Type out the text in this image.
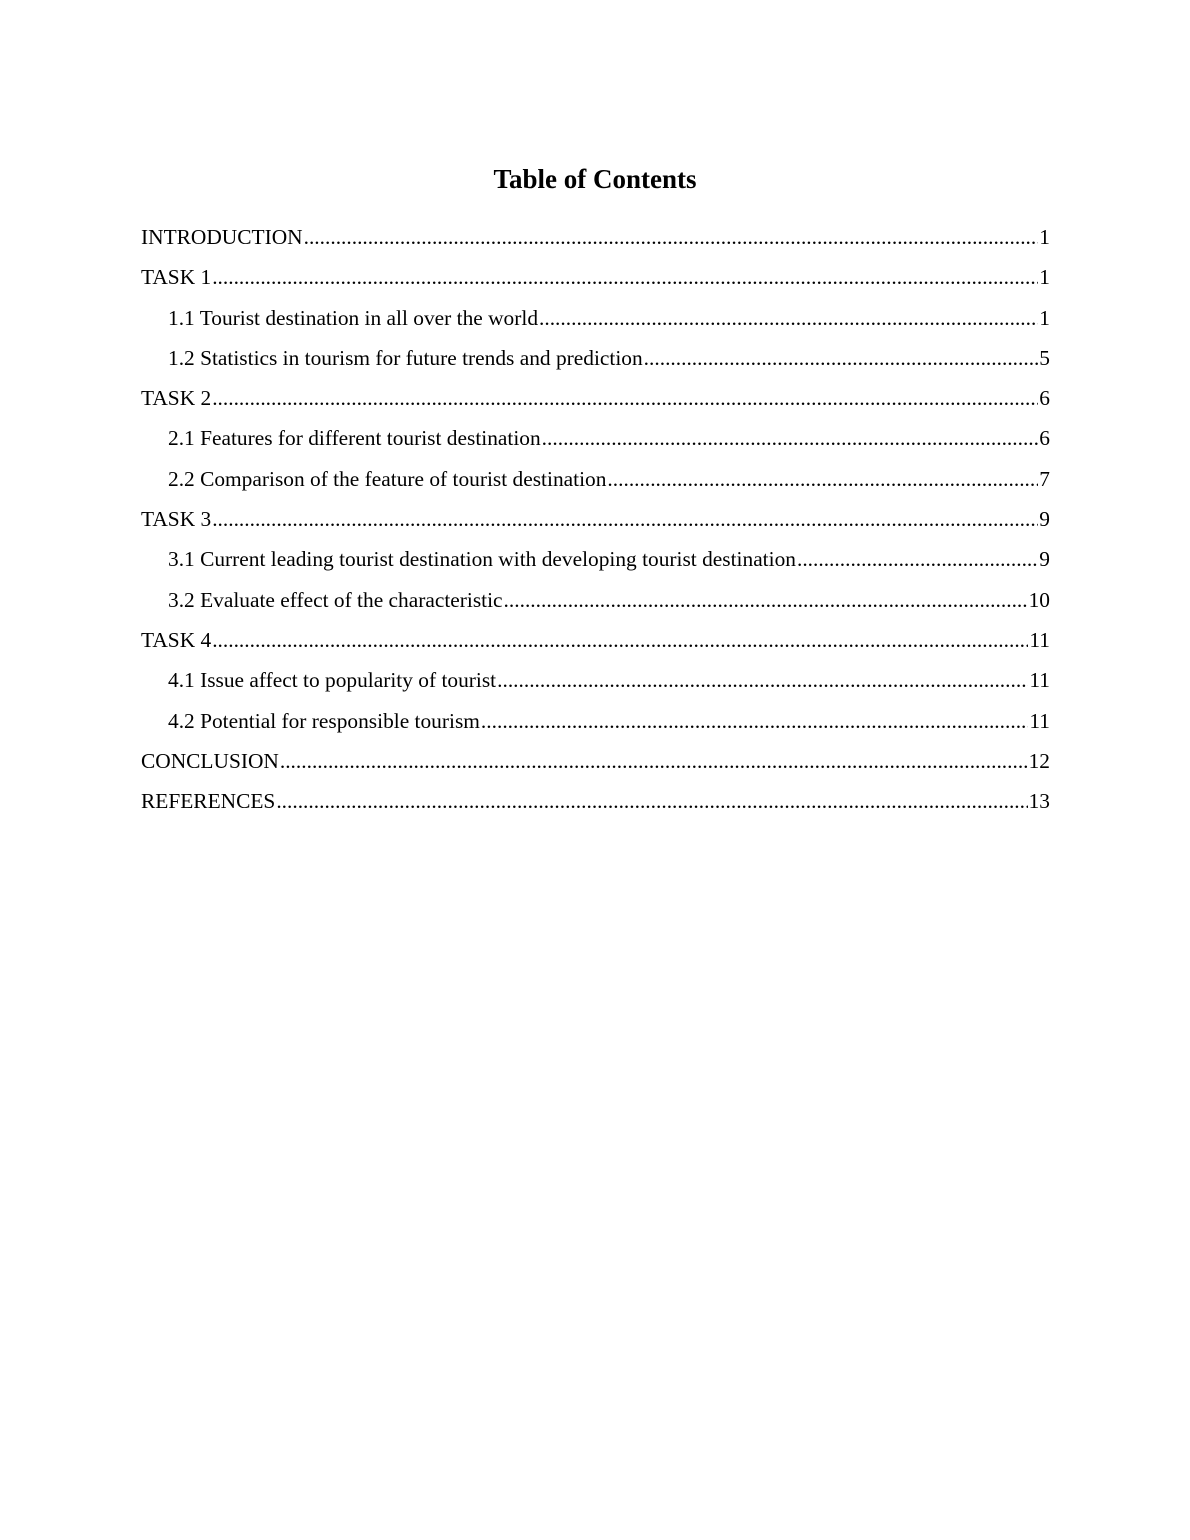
Table of Contents
INTRODUCTION .....	1
TASK 1 .....	1
1.1 Tourist destination in all over the world .....	1
1.2 Statistics in tourism for future trends and prediction .....	5
TASK 2 .....	6
2.1 Features for different tourist destination .....	6
2.2 Comparison of the feature of tourist destination .....	7
TASK 3 .....	9
3.1 Current leading tourist destination with developing tourist destination .....	9
3.2 Evaluate effect of the characteristic .....	10
TASK 4 .....	11
4.1 Issue affect to popularity of tourist .....	11
4.2 Potential for responsible tourism .....	11
CONCLUSION .....	12
REFERENCES .....	13
